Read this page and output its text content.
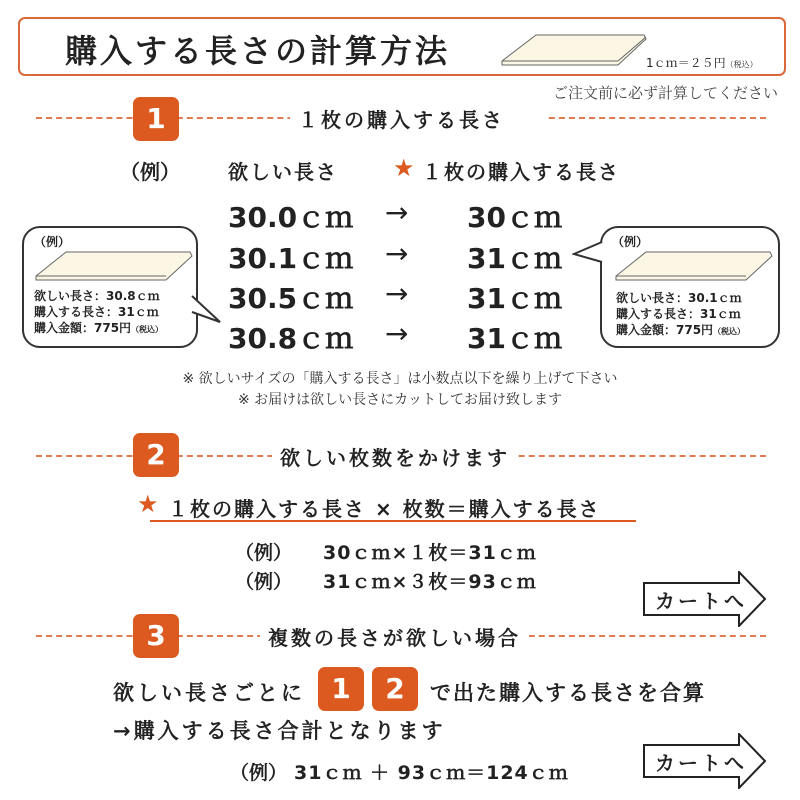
購入する長さの計算方法	1ｃｍ＝２５円（税込）
ご注文前に必ず計算してください
1	１枚の購入する長さ
（例） 欲しい長さ ★ １枚の購入する長さ
30.0ｃｍ → 30ｃｍ
30.1ｃｍ → 31ｃｍ
30.5ｃｍ → 31ｃｍ
30.8ｃｍ → 31ｃｍ
（例）
欲しい長さ：30.8ｃｍ
購入する長さ：31ｃｍ
購入金額：775円（税込）
（例）
欲しい長さ：30.1ｃｍ
購入する長さ：31ｃｍ
購入金額：775円（税込）
※ 欲しいサイズの「購入する長さ」は小数点以下を繰り上げて下さい
※ お届けは欲しい長さにカットしてお届け致します
2	欲しい枚数をかけます
★ １枚の購入する長さ × 枚数＝購入する長さ
（例） 30ｃｍ×１枚＝31ｃｍ
（例） 31ｃｍ×３枚＝93ｃｍ
カートへ
3	複数の長さが欲しい場合
欲しい長さごとに 1	2	で出た購入する長さを合算
→購入する長さ合計となります
（例） 31ｃｍ ＋ 93ｃｍ＝124ｃｍ	カートへ
